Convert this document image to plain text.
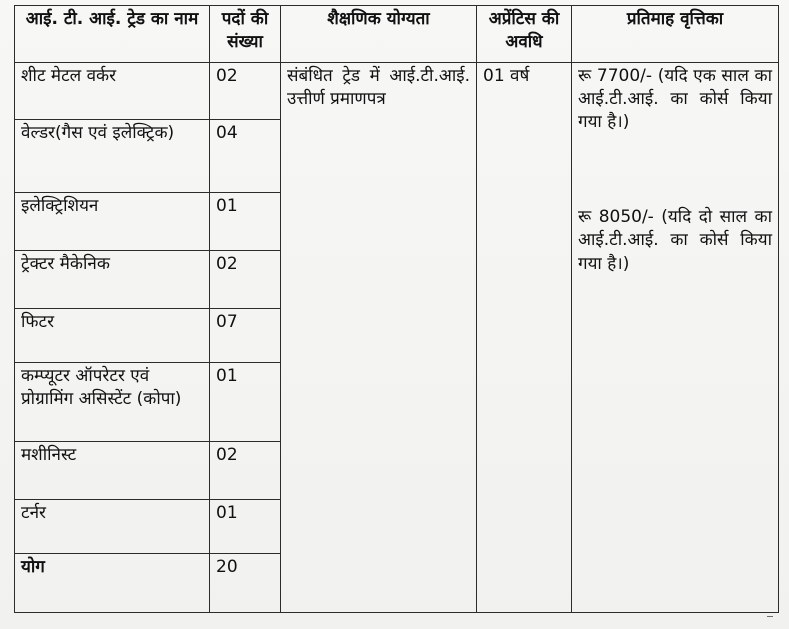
आई. टी. आई. ट्रेड का नाम	पदों की संख्या	शैक्षणिक योग्यता	अप्रेंटिस की अवधि	प्रतिमाह वृत्तिका
शीट मेटल वर्कर	02	संबंधित ट्रेड में आई.टी.आई. उत्तीर्ण प्रमाणपत्र	01 वर्ष	रू 7700/- (यदि एक साल का आई.टी.आई. का कोर्स किया गया है।)
रू 8050/- (यदि दो साल का आई.टी.आई. का कोर्स किया गया है।)

वेल्डर(गैस एवं इलेक्ट्रिक)	04			
इलेक्ट्रिशियन	01			
ट्रेक्टर मैकेनिक	02			
फिटर	07			
कम्प्यूटर ऑपरेटर एवं प्रोग्रामिंग असिस्टेंट (कोपा)	01			
मशीनिस्ट	02			
टर्नर	01			
योग	20			
